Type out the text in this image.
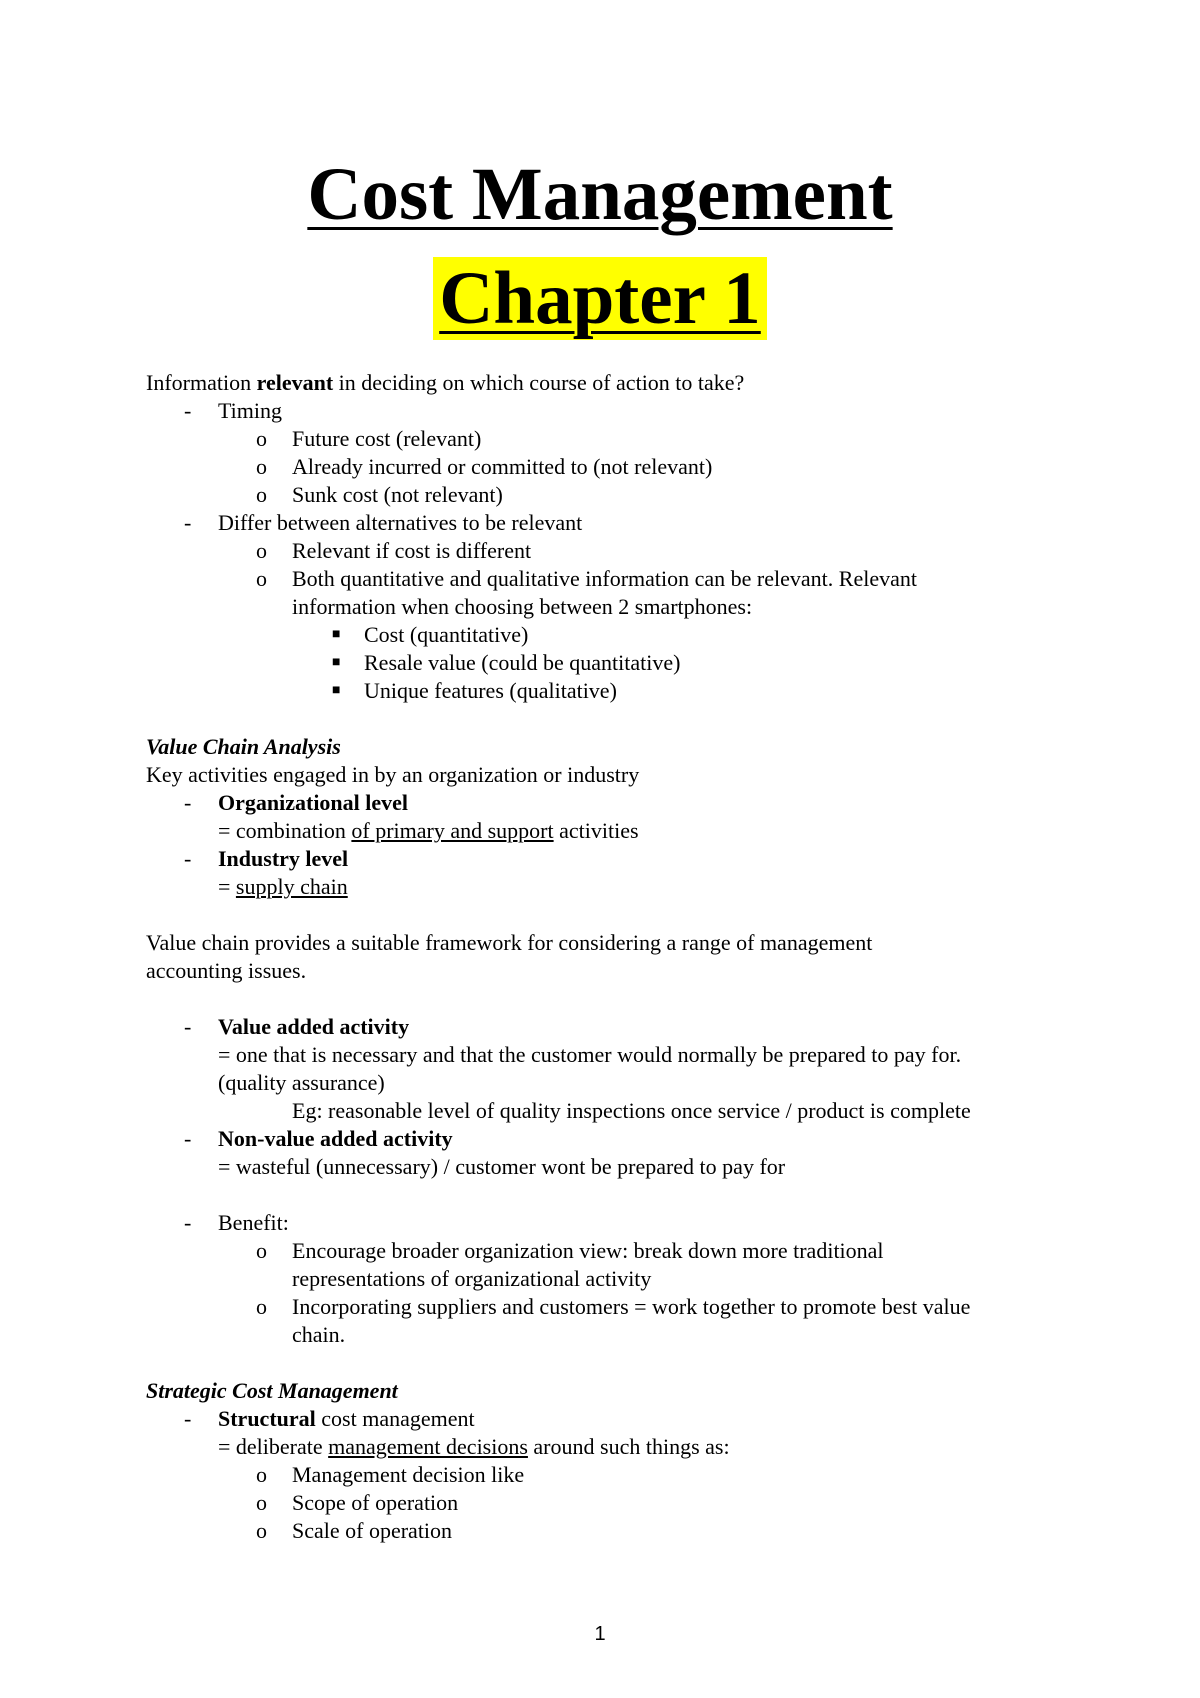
Cost Management
Chapter 1
Information relevant in deciding on which course of action to take?
- Timing
o Future cost (relevant)
o Already incurred or committed to (not relevant)
o Sunk cost (not relevant)
- Differ between alternatives to be relevant
o Relevant if cost is different
o Both quantitative and qualitative information can be relevant. Relevant
information when choosing between 2 smartphones:
■ Cost (quantitative)
■ Resale value (could be quantitative)
■ Unique features (qualitative)
Value Chain Analysis
Key activities engaged in by an organization or industry
- Organizational level
= combination of primary and support activities
- Industry level
= supply chain
Value chain provides a suitable framework for considering a range of management
accounting issues.
- Value added activity
= one that is necessary and that the customer would normally be prepared to pay for.
(quality assurance)
Eg: reasonable level of quality inspections once service / product is complete
- Non-value added activity
= wasteful (unnecessary) / customer wont be prepared to pay for
- Benefit:
o Encourage broader organization view: break down more traditional
representations of organizational activity
o Incorporating suppliers and customers = work together to promote best value
chain.
Strategic Cost Management
- Structural cost management
= deliberate management decisions around such things as:
o Management decision like
o Scope of operation
o Scale of operation
1
